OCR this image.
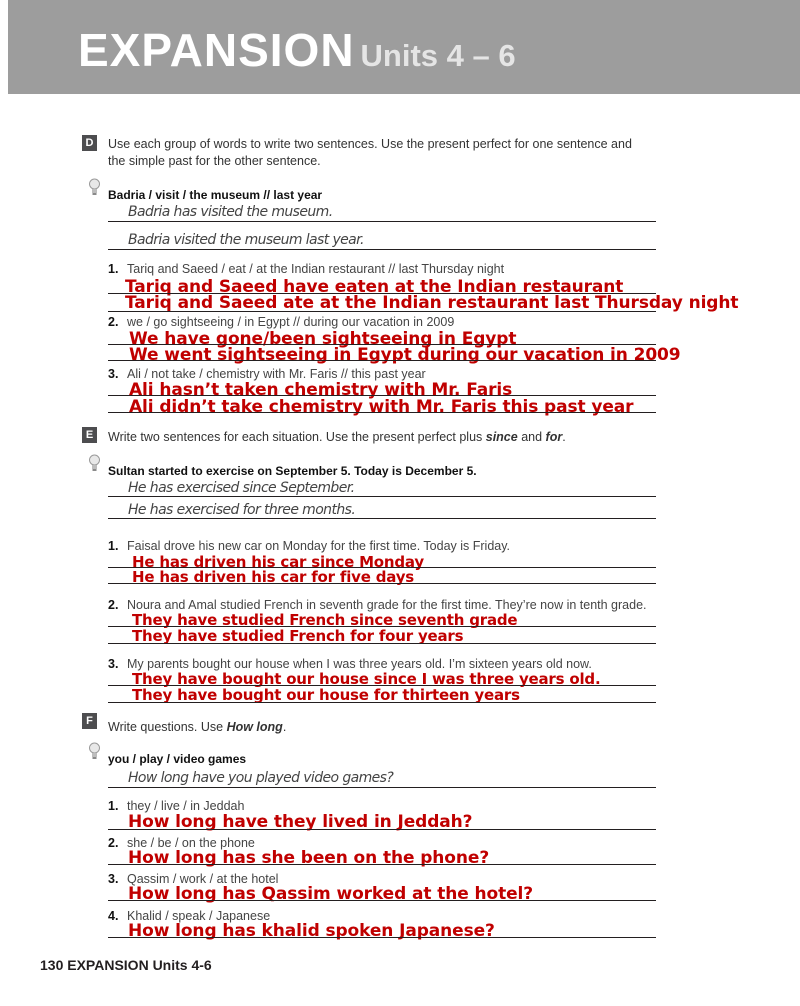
EXPANSION Units 4 – 6
D Use each group of words to write two sentences. Use the present perfect for one sentence and the simple past for the other sentence.
Badria / visit / the museum // last year
Badria has visited the museum.
Badria visited the museum last year.
1. Tariq and Saeed / eat / at the Indian restaurant // last Thursday night
Tariq and Saeed have eaten at the Indian restaurant
Tariq and Saeed ate at the Indian restaurant last Thursday night
2. we / go sightseeing / in Egypt // during our vacation in 2009
We have gone/been sightseeing in Egypt
We went sightseeing in Egypt during our vacation in 2009
3. Ali / not take / chemistry with Mr. Faris // this past year
Ali hasn’t taken chemistry with Mr. Faris
Ali didn’t take chemistry with Mr. Faris this past year
E	Write two sentences for each situation. Use the present perfect plus since and for.
Sultan started to exercise on September 5. Today is December 5.
He has exercised since September.
He has exercised for three months.
1. Faisal drove his new car on Monday for the first time. Today is Friday.
He has driven his car since Monday
He has driven his car for five days
2. Noura and Amal studied French in seventh grade for the first time. They’re now in tenth grade.
They have studied French since seventh grade
They have studied French for four years
3. My parents bought our house when I was three years old. I’m sixteen years old now.
They have bought our house since I was three years old.
They have bought our house for thirteen years
F	Write questions. Use How long.
you / play / video games
How long have you played video games?
1. they / live / in Jeddah
How long have they lived in Jeddah?
2. she / be / on the phone
How long has she been on the phone?
3. Qassim / work / at the hotel
How long has Qassim worked at the hotel?
4. Khalid / speak / Japanese
How long has khalid spoken Japanese?
130 EXPANSION Units 4-6
